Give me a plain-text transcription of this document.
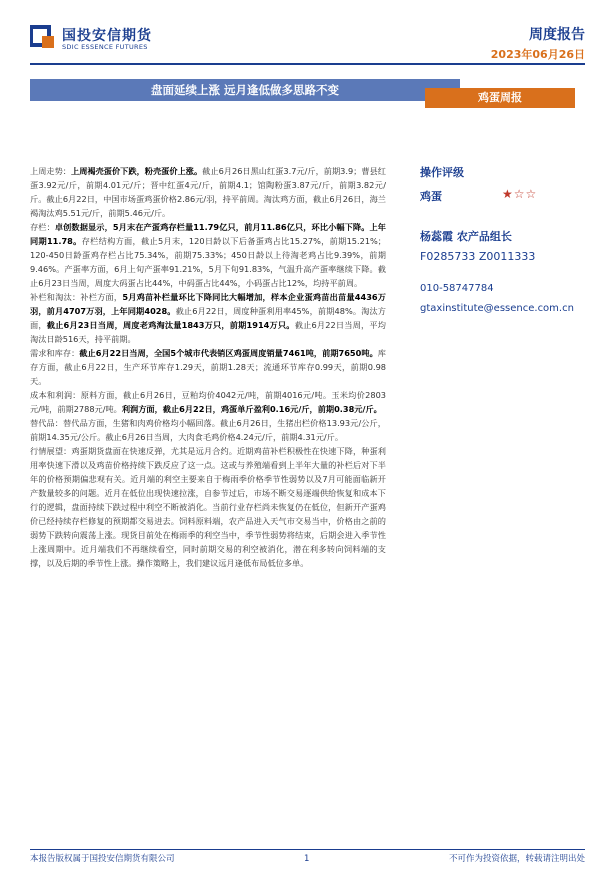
国投安信期货
SDIC ESSENCE FUTURES
周度报告
2023年06月26日
盘面延续上涨 远月逢低做多思路不变
鸡蛋周报

上周走势：上周褐壳蛋价下跌，粉壳蛋价上涨。截止6月26日黑山红蛋3.7元/斤，前期3.9；曹县红蛋3.92元/斤，前期4.01元/斤；晋中红蛋4元/斤，前期4.1；馆陶粉蛋3.87元/斤，前期3.82元/斤。截止6月22日，中国市场蛋鸡蛋价格2.86元/羽，持平前周。淘汰鸡方面，截止6月26日，海兰褐淘汰鸡5.51元/斤，前期5.46元/斤。

存栏：卓创数据显示，5月末在产蛋鸡存栏量11.79亿只，前月11.86亿只，环比小幅下降。上年同期11.78。存栏结构方面，截止5月末，120日龄以下后备蛋鸡占比15.27%，前期15.21%；120-450日龄蛋鸡存栏占比75.34%，前期75.33%；450日龄以上待淘老鸡占比9.39%，前期9.46%。产蛋率方面，6月上旬产蛋率91.21%，5月下旬91.83%，气温升高产蛋率继续下降。截止6月23日当周，周度大码蛋占比44%，中码蛋占比44%，小码蛋占比12%，均持平前周。

补栏和淘汰：补栏方面，5月鸡苗补栏量环比下降同比大幅增加，样本企业蛋鸡苗出苗量4436万羽，前月4707万羽，上年同期4028。截止6月22日，周度种蛋利用率45%，前期48%。淘汰方面，截止6月23日当周，周度老鸡淘汰量1843万只，前期1914万只。截止6月22日当周，平均淘汰日龄516天，持平前期。

需求和库存：截止6月22日当周，全国5个城市代表销区鸡蛋周度销量7461吨，前期7650吨。库存方面，截止6月22日，生产环节库存1.29天，前期1.28天；流通环节库存0.99天，前期0.98天。

成本和利润：原料方面，截止6月26日，豆粕均价4042元/吨，前期4016元/吨。玉米均价2803元/吨，前期2788元/吨。利润方面，截止6月22日，鸡蛋单斤盈利0.16元/斤，前期0.38元/斤。

替代品：替代品方面，生猪和肉鸡价格均小幅回落。截止6月26日，生猪出栏价格13.93元/公斤，前期14.35元/公斤。截止6月26日当周，大肉食毛鸡价格4.24元/斤，前期4.31元/斤。

行情展望：鸡蛋期货盘面在快速反弹，尤其是远月合约。近期鸡苗补栏积极性在快速下降，种蛋利用率快速下滑以及鸡苗价格持续下跌反应了这一点。这或与养殖端看到上半年大量的补栏后对下半年的价格预期偏悲观有关。近月端的利空主要来自于梅雨季价格季节性弱势以及7月可能面临新开产数量较多的问题。近月在低位出现快速拉涨，自参节过后，市场不断交易逐端供给恢复和成本下行的逻辑，盘面持续下跌过程中利空不断被消化。当前行业存栏尚未恢复仍在低位，但新开产蛋鸡价已经持续存栏修复的预期都交易进去。饲料原料端，农产品进入天气市交易当中，价格由之前的弱势下跌转向震荡上涨。现货目前处在梅雨季的利空当中，季节性弱势将结束，后期会进入季节性上涨周期中。近月端我们不再继续看空，同时前期交易的利空被消化，潜在利多转向饲料端的支撑，以及后期的季节性上涨。操作策略上，我们建议远月逢低布局低位多单。

操作评级
鸡蛋	★☆☆
杨蕊霞 农产品组长
F0285733 Z0011333
010-58747784
gtaxinstitute@essence.com.cn
本报告版权属于国投安信期货有限公司	1	不可作为投资依据，转载请注明出处
